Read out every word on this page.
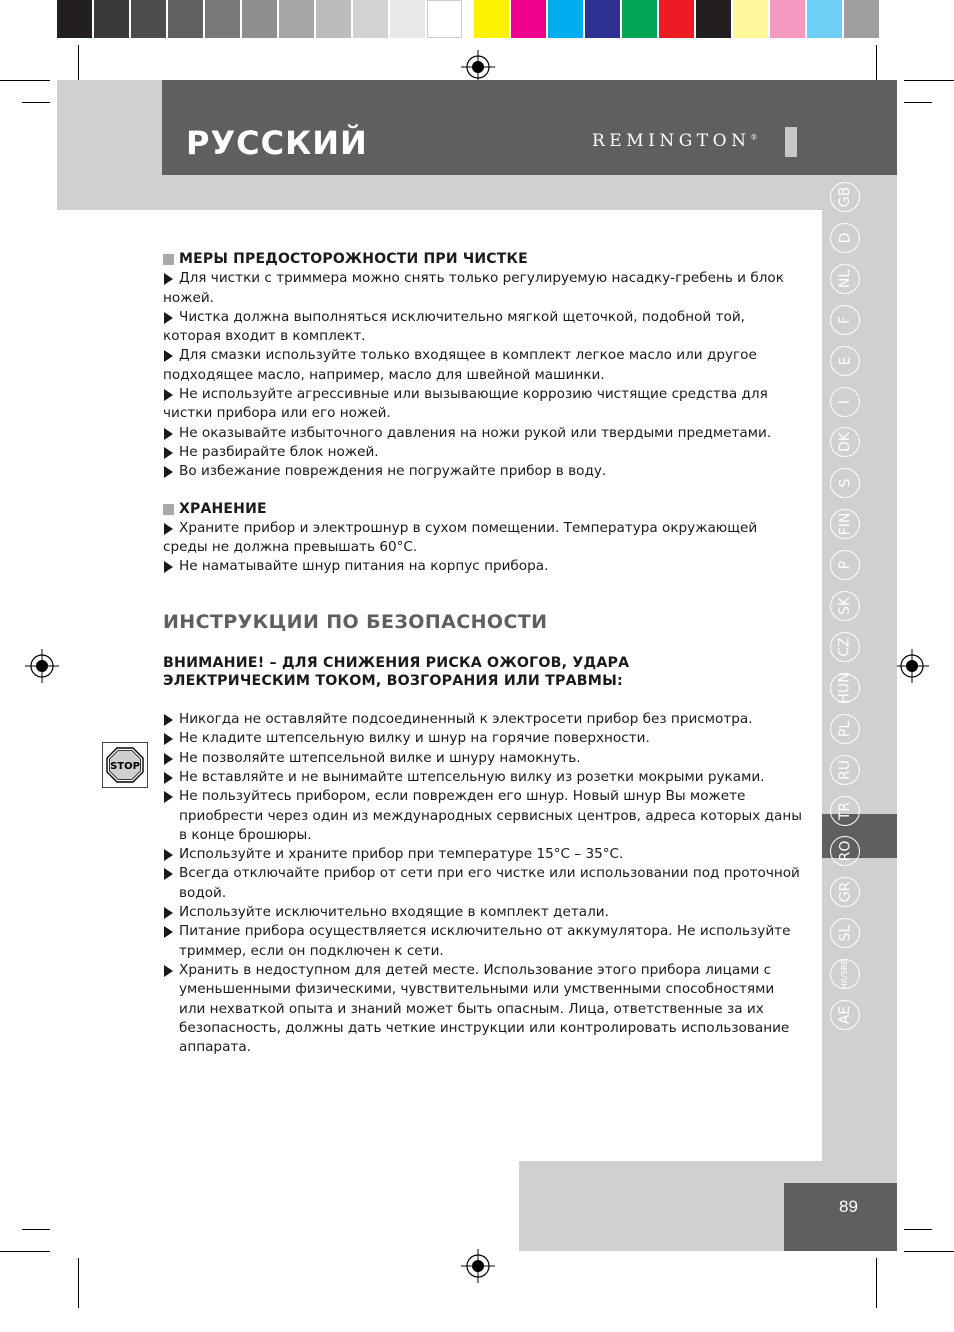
РУССКИЙ	REMINGTON®
GB
D
NL
F
E
I
DK
S
FIN
P
SK
CZ
HUN
PL
RU
TR
RO
GR
SL
HR/SRB
AE
89
STOP
МЕРЫ ПРЕДОСТОРОЖНОСТИ ПРИ ЧИСТКЕ
Для чистки с триммера можно снять только регулируемую насадку-гребень и блок ножей.
Чистка должна выполняться исключительно мягкой щеточкой, подобной той, которая входит в комплект.
Для смазки используйте только входящее в комплект легкое масло или другое подходящее масло, например, масло для швейной машинки.
Не используйте агрессивные или вызывающие коррозию чистящие средства для чистки прибора или его ножей.
Не оказывайте избыточного давления на ножи рукой или твердыми предметами.
Не разбирайте блок ножей.
Во избежание повреждения не погружайте прибор в воду.
ХРАНЕНИЕ
Храните прибор и электрошнур в сухом помещении. Температура окружающей среды не должна превышать 60°C.
Не наматывайте шнур питания на корпус прибора.
ИНСТРУКЦИИ ПО БЕЗОПАСНОСТИ
ВНИМАНИЕ! – ДЛЯ СНИЖЕНИЯ РИСКА ОЖОГОВ, УДАРА
ЭЛЕКТРИЧЕСКИМ ТОКОМ, ВОЗГОРАНИЯ ИЛИ ТРАВМЫ:
Никогда не оставляйте подсоединенный к электросети прибор без присмотра.
Не кладите штепсельную вилку и шнур на горячие поверхности.
Не позволяйте штепсельной вилке и шнуру намокнуть.
Не вставляйте и не вынимайте штепсельную вилку из розетки мокрыми руками.
Не пользуйтесь прибором, если поврежден его шнур. Новый шнур Вы можете приобрести через один из международных сервисных центров, адреса которых даны в конце брошюры.
Используйте и храните прибор при температуре 15°C – 35°C.
Всегда отключайте прибор от сети при его чистке или использовании под проточной водой.
Используйте исключительно входящие в комплект детали.
Питание прибора осуществляется исключительно от аккумулятора. Не используйте триммер, если он подключен к сети.
Хранить в недоступном для детей месте. Использование этого прибора лицами с уменьшенными физическими, чувствительными или умственными способностями или нехваткой опыта и знаний может быть опасным. Лица, ответственные за их безопасность, должны дать четкие инструкции или контролировать использование аппарата.
